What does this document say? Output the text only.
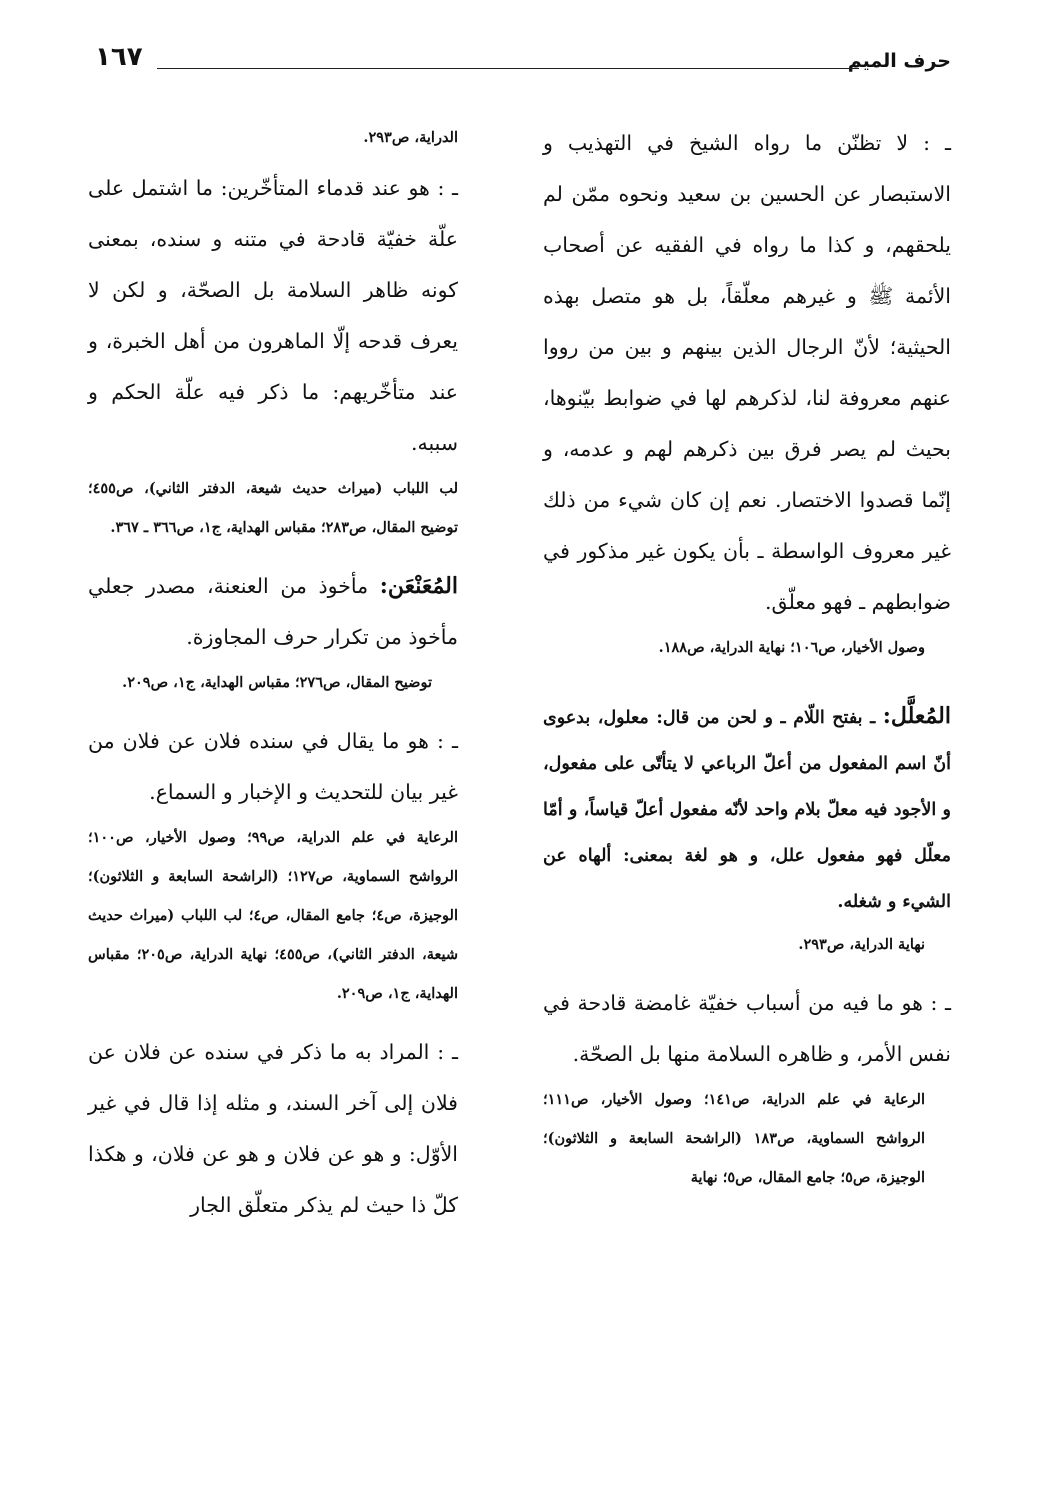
حرف الميم
١٦٧
ـ : لا تظنّن ما رواه الشيخ في التهذيب و الاستبصار عن الحسين بن سعيد ونحوه ممّن لم يلحقهم، و كذا ما رواه في الفقيه عن أصحاب الأئمة ﷺ و غيرهم معلّقاً، بل هو متصل بهذه الحيثية؛ لأنّ الرجال الذين بينهم و بين من رووا عنهم معروفة لنا، لذكرهم لها في ضوابط بيّنوها، بحيث لم يصر فرق بين ذكرهم لهم و عدمه، و إنّما قصدوا الاختصار. نعم إن كان شيء من ذلك غير معروف الواسطة ـ بأن يكون غير مذكور في ضوابطهم ـ فهو معلّق.
وصول الأخيار، ص١٠٦؛ نهاية الدراية، ص١٨٨.
المُعلَّل: ـ بفتح اللّام ـ و لحن من قال: معلول، بدعوى أنّ اسم المفعول من أعلّ الرباعي لا يتأتّى على مفعول، و الأجود فيه معلّ بلام واحد لأنّه مفعول أعلّ قياساً، و أمّا معلّل فهو مفعول علل، و هو لغة بمعنى: ألهاه عن الشيء و شغله.
نهاية الدراية، ص٢٩٣.
ـ : هو ما فيه من أسباب خفيّة غامضة قادحة في نفس الأمر، و ظاهره السلامة منها بل الصحّة.
الرعاية في علم الدراية، ص١٤١؛ وصول الأخيار، ص١١١؛ الرواشح السماوية، ص١٨٣ (الراشحة السابعة و الثلاثون)؛ الوجيزة، ص٥؛ جامع المقال، ص٥؛ نهاية
الدراية، ص٢٩٣.
ـ : هو عند قدماء المتأخّرين: ما اشتمل على علّة خفيّة قادحة في متنه و سنده، بمعنى كونه ظاهر السلامة بل الصحّة، و لكن لا يعرف قدحه إلّا الماهرون من أهل الخبرة، و عند متأخّريهم: ما ذكر فيه علّة الحكم و سببه.
لب اللباب (ميراث حديث شيعة، الدفتر الثاني)، ص٤٥٥؛ توضيح المقال، ص٢٨٣؛ مقباس الهداية، ج١، ص٣٦٦ ـ ٣٦٧.
المُعَنْعَن: مأخوذ من العنعنة، مصدر جعلي مأخوذ من تكرار حرف المجاوزة.
توضيح المقال، ص٢٧٦؛ مقباس الهداية، ج١، ص٢٠٩.
ـ : هو ما يقال في سنده فلان عن فلان من غير بيان للتحديث و الإخبار و السماع.
الرعاية في علم الدراية، ص٩٩؛ وصول الأخيار، ص١٠٠؛ الرواشح السماوية، ص١٢٧؛ (الراشحة السابعة و الثلاثون)؛ الوجيزة، ص٤؛ جامع المقال، ص٤؛ لب اللباب (ميراث حديث شيعة، الدفتر الثاني)، ص٤٥٥؛ نهاية الدراية، ص٢٠٥؛ مقباس الهداية، ج١، ص٢٠٩.
ـ : المراد به ما ذكر في سنده عن فلان عن فلان إلى آخر السند، و مثله إذا قال في غير الأوّل: و هو عن فلان و هو عن فلان، و هكذا كلّ ذا حيث لم يذكر متعلّق الجار
